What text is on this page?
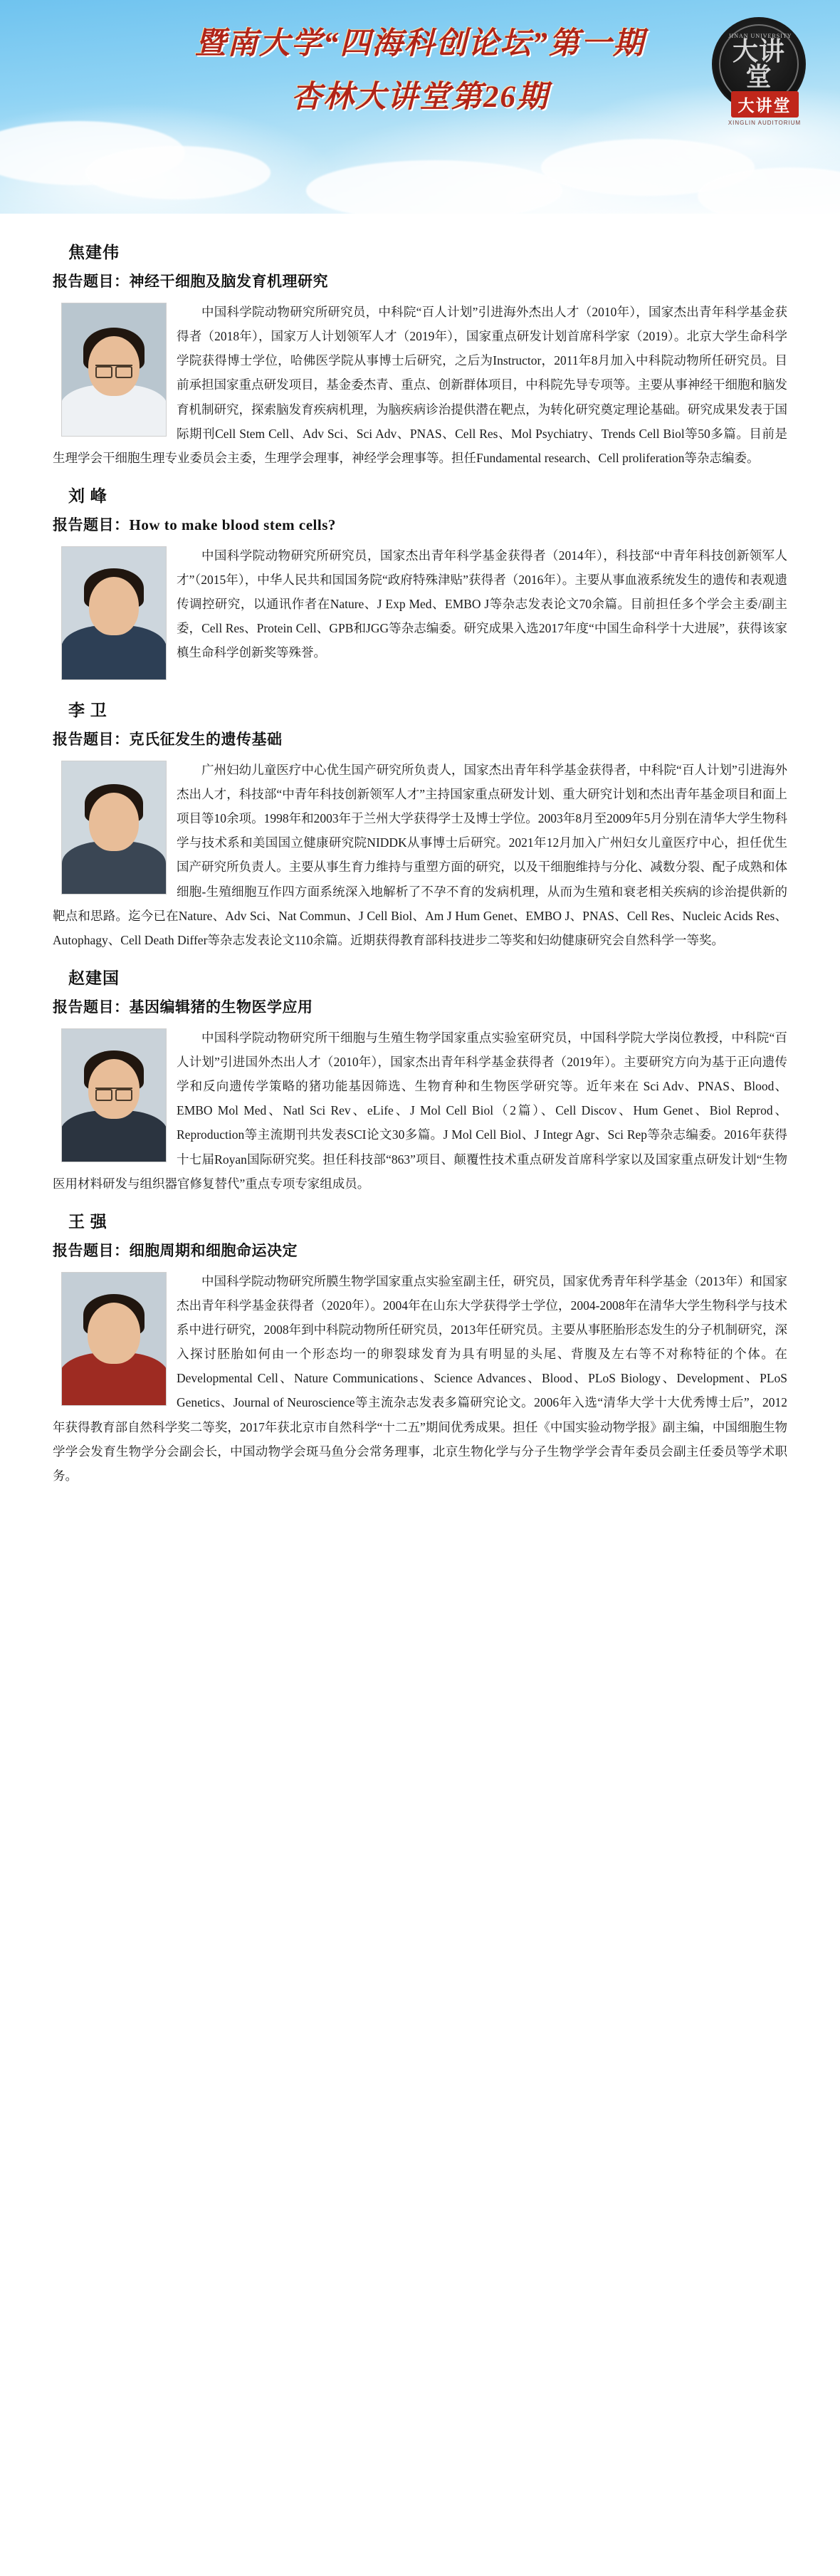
暨南大学“四海科创论坛”第一期
杏林大讲堂第26期
JINAN UNIVERSITY
大讲堂
大讲堂
XINGLIN AUDITORIUM
焦建伟
报告题目：神经干细胞及脑发育机理研究
中国科学院动物研究所研究员，中科院“百人计划”引进海外杰出人才（2010年），国家杰出青年科学基金获得者（2018年），国家万人计划领军人才（2019年），国家重点研发计划首席科学家（2019）。北京大学生命科学学院获得博士学位，哈佛医学院从事博士后研究，之后为Instructor，2011年8月加入中科院动物所任研究员。目前承担国家重点研发项目，基金委杰青、重点、创新群体项目，中科院先导专项等。主要从事神经干细胞和脑发育机制研究，探索脑发育疾病机理，为脑疾病诊治提供潜在靶点，为转化研究奠定理论基础。研究成果发表于国际期刊Cell Stem Cell、Adv Sci、Sci Adv、PNAS、Cell Res、Mol Psychiatry、Trends Cell Biol等50多篇。目前是生理学会干细胞生理专业委员会主委，生理学会理事，神经学会理事等。担任Fundamental research、Cell proliferation等杂志编委。
刘 峰
报告题目：How to make blood stem cells?
中国科学院动物研究所研究员，国家杰出青年科学基金获得者（2014年），科技部“中青年科技创新领军人才”（2015年），中华人民共和国国务院“政府特殊津贴”获得者（2016年）。主要从事血液系统发生的遗传和表观遗传调控研究，以通讯作者在Nature、J Exp Med、EMBO J等杂志发表论文70余篇。目前担任多个学会主委/副主委，Cell Res、Protein Cell、GPB和JGG等杂志编委。研究成果入选2017年度“中国生命科学十大进展”，获得该家槙生命科学创新奖等殊誉。
李 卫
报告题目：克氏征发生的遗传基础
广州妇幼儿童医疗中心优生国产研究所负责人，国家杰出青年科学基金获得者，中科院“百人计划”引进海外杰出人才，科技部“中青年科技创新领军人才”主持国家重点研发计划、重大研究计划和杰出青年基金项目和面上项目等10余项。1998年和2003年于兰州大学获得学士及博士学位。2003年8月至2009年5月分别在清华大学生物科学与技术系和美国国立健康研究院NIDDK从事博士后研究。2021年12月加入广州妇女儿童医疗中心，担任优生国产研究所负责人。主要从事生育力维持与重塑方面的研究，以及干细胞维持与分化、减数分裂、配子成熟和体细胞-生殖细胞互作四方面系统深入地解析了不孕不育的发病机理，从而为生殖和衰老相关疾病的诊治提供新的靶点和思路。迄今已在Nature、Adv Sci、Nat Commun、J Cell Biol、Am J Hum Genet、EMBO J、PNAS、Cell Res、Nucleic Acids Res、Autophagy、Cell Death Differ等杂志发表论文110余篇。近期获得教育部科技进步二等奖和妇幼健康研究会自然科学一等奖。
赵建国
报告题目：基因编辑猪的生物医学应用
中国科学院动物研究所干细胞与生殖生物学国家重点实验室研究员，中国科学院大学岗位教授，中科院“百人计划”引进国外杰出人才（2010年），国家杰出青年科学基金获得者（2019年）。主要研究方向为基于正向遗传学和反向遗传学策略的猪功能基因筛选、生物育种和生物医学研究等。近年来在 Sci Adv、PNAS、Blood、EMBO Mol Med、Natl Sci Rev、eLife、J Mol Cell Biol（2篇）、Cell Discov、Hum Genet、Biol Reprod、Reproduction等主流期刊共发表SCI论文30多篇。J Mol Cell Biol、J Integr Agr、Sci Rep等杂志编委。2016年获得十七届Royan国际研究奖。担任科技部“863”项目、颠覆性技术重点研发首席科学家以及国家重点研发计划“生物医用材料研发与组织器官修复替代”重点专项专家组成员。
王 强
报告题目：细胞周期和细胞命运决定
中国科学院动物研究所膜生物学国家重点实验室副主任，研究员，国家优秀青年科学基金（2013年）和国家杰出青年科学基金获得者（2020年）。2004年在山东大学获得学士学位，2004-2008年在清华大学生物科学与技术系中进行研究，2008年到中科院动物所任研究员，2013年任研究员。主要从事胚胎形态发生的分子机制研究，深入探讨胚胎如何由一个形态均一的卵裂球发育为具有明显的头尾、背腹及左右等不对称特征的个体。在Developmental Cell、Nature Communications、Science Advances、Blood、PLoS Biology、Development、PLoS Genetics、Journal of Neuroscience等主流杂志发表多篇研究论文。2006年入选“清华大学十大优秀博士后”，2012年获得教育部自然科学奖二等奖，2017年获北京市自然科学“十二五”期间优秀成果。担任《中国实验动物学报》副主编，中国细胞生物学学会发育生物学分会副会长，中国动物学会斑马鱼分会常务理事，北京生物化学与分子生物学学会青年委员会副主任委员等学术职务。
